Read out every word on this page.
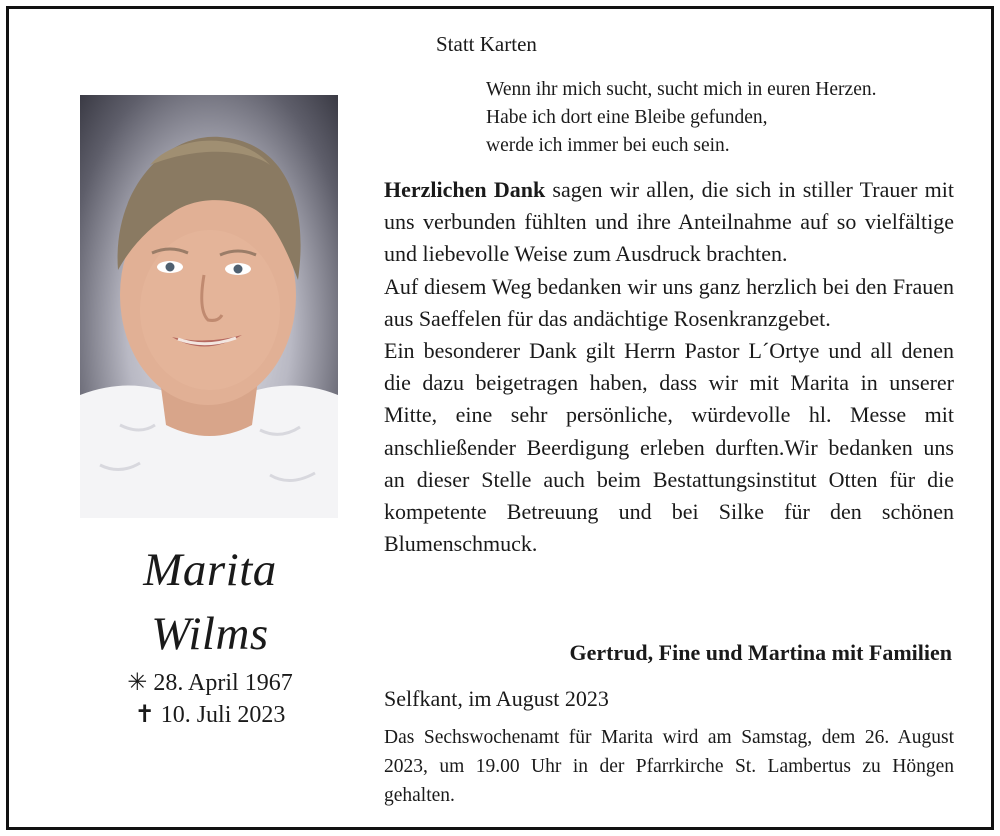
Statt Karten
Wenn ihr mich sucht, sucht mich in euren Herzen.
Habe ich dort eine Bleibe gefunden,
werde ich immer bei euch sein.
Marita
Wilms
✳ 28. April 1967
✝ 10. Juli 2023

Herzlichen Dank sagen wir allen, die sich in stiller Trauer mit uns verbunden fühlten und ihre Anteilnahme auf so vielfältige und liebevolle Weise zum Ausdruck brachten.

Auf diesem Weg bedanken wir uns ganz herzlich bei den Frauen aus Saeffelen für das andächtige Rosenkranzgebet.

Ein besonderer Dank gilt Herrn Pastor L´Ortye und all denen die dazu beigetragen haben, dass wir mit Marita in unserer Mitte, eine sehr persönliche, würdevolle hl. Messe mit anschließender Beerdigung erleben durften.Wir bedanken uns an dieser Stelle auch beim Bestattungsinstitut Otten für die kompetente Betreuung und bei Silke für den schönen Blumenschmuck.

Gertrud, Fine und Martina mit Familien
Selfkant, im August 2023

Das Sechswochenamt für Marita wird am Samstag, dem 26. August 2023, um 19.00 Uhr in der Pfarrkirche St. Lambertus zu Höngen gehalten.
